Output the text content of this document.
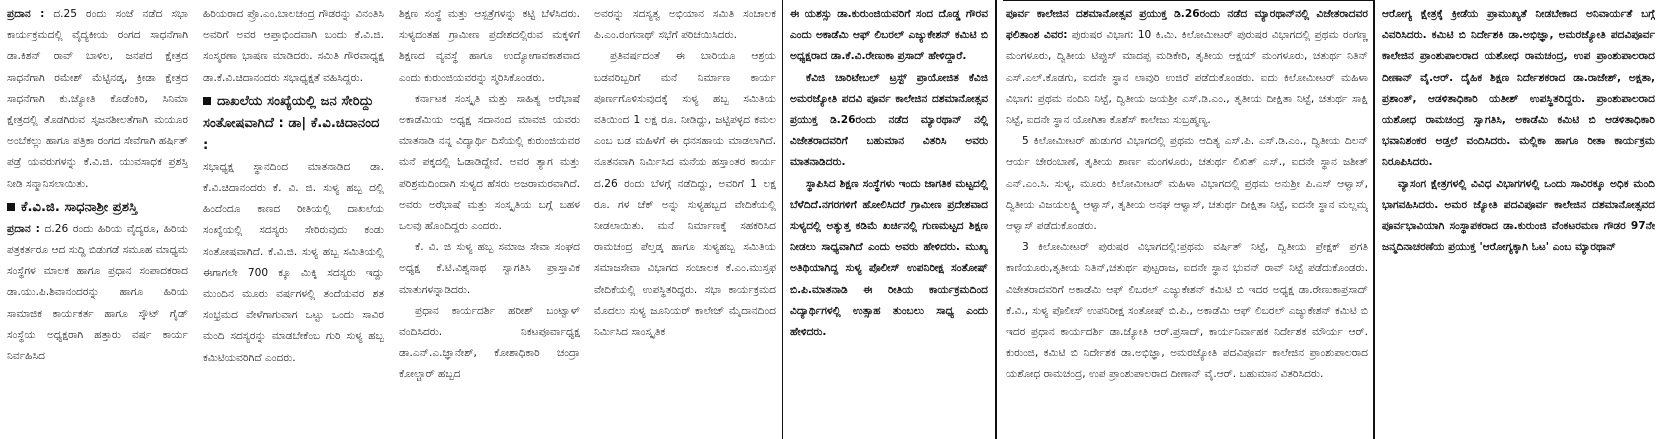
ಪ್ರದಾನ : ದ.25 ರಂದು ಸಂಜೆ ನಡೆದ ಸಭಾ ಕಾರ್ಯಕ್ರಮದಲ್ಲಿ ವೈದ್ಯಕೀಯ ರಂಗದ ಸಾಧನೆಗಾಗಿ ಡಾ.ಕಿಶನ್ ರಾವ್ ಬಾಳಿಲ, ಜನಪದ ಕ್ಷೇತ್ರದ ಸಾಧನೆಗಾಗಿ ರಮೇಶ್ ಮೆಟ್ಟಿನಡ್ಕ, ಕ್ರೀಡಾ ಕ್ಷೇತ್ರದ ಸಾಧನೆಗಾಗಿ ಕು.ಜ್ಯೋತಿ ಕೊಡೆಂಕಿರಿ, ಸಿನಿಮಾ ಕ್ಷೇತ್ರದಲ್ಲಿ ತೊಡಗಿರುವ ಸೃಜನಶೀಲತೆಗಾಗಿ ಮಯೂರ ಅಂಬೆಕಲ್ಲು ಹಾಗೂ ಪತ್ರಿಕಾ ರಂಗದ ಸೇವೆಗಾಗಿ ಹರ್ಷಿತ್ ಪಡ್ರೆ ಯವರುಗಳನ್ನು ಕೆ.ವಿ.ಜಿ. ಯುವಸಾಧಕ ಪ್ರಶಸ್ತಿ ನೀಡಿ ಸನ್ಮಾನಿಸಲಾಯಿತು.

ಕೆ.ವಿ.ಜಿ. ಸಾಧನಾಶ್ರೀ ಪ್ರಶಸ್ತಿ

ಪ್ರದಾನ : ದ.26 ರಂದು ಹಿರಿಯ ವೈದ್ಯರೂ, ಹಿರಿಯ ಪತ್ರಕರ್ತರೂ ಆದ ಸುದ್ದಿ ಬಿಡುಗಡೆ ಸಮೂಹ ಮಾಧ್ಯಮ ಸಂಸ್ಥೆಗಳ ಮಾಲಕ ಹಾಗೂ ಪ್ರಧಾನ ಸಂಪಾದಕರಾದ ಡಾ.ಯು.ಪಿ.ಶಿವಾನಂದರನ್ನು ಹಾಗೂ ಹಿರಿಯ ಸಾಮಾಜಿಕ ಕಾರ್ಯಕರ್ತ ಹಾಗೂ ಸ್ಕೌಟ್ ಗೈಡ್ ಸಂಸ್ಥೆಯ ಅಧ್ಯಕ್ಷರಾಗಿ ಹತ್ತಾರು ವರ್ಷ ಕಾರ್ಯ ನಿರ್ವಹಿಸಿದ

ಹಿರಿಯರಾದ ಪ್ರೊ.ಎಂ.ಬಾಲಚಂದ್ರ ಗೌಡರನ್ನು ವಿನಂತಿಸಿ ಅವರಿಗೆ ಅವರ ಆಪ್ತಾಭಿಂದವಾಗಿ ಬಂದು ಕೆ.ವಿ.ಜಿ. ಸಂಸ್ಮರಣಾ ಭಾಷಣ ಮಾಡಿದರು. ಸಮಿತಿ ಗೌರವಾಧ್ಯಕ್ಷ ಡಾ.ಕೆ.ವಿ.ಚಿದಾನಂದರು ಸಭಾಧ್ಯಕ್ಷತೆ ವಹಿಸಿದ್ದರು.

ದಾಖಲೆಯ ಸಂಖ್ಯೆಯಲ್ಲಿ ಜನ ಸೇರಿದ್ದು ಸಂತೋಷವಾಗಿದೆ : ಡಾ| ಕೆ.ವಿ.ಚಿದಾನಂದ :

ಸಭಾಧ್ಯಕ್ಷ ಸ್ಥಾನದಿಂದ ಮಾತನಾಡಿದ ಡಾ. ಕೆ.ವಿ.ಚಿದಾನಂದರು ಕೆ. ವಿ. ಜಿ. ಸುಳ್ಯ ಹಬ್ಬ ದಲ್ಲಿ ಹಿಂದೆಂದೂ ಕಾಣದ ರೀತಿಯಲ್ಲಿ ದಾಖಲೆಯ ಸಂಖ್ಯೆಯಲ್ಲಿ ಸದಸ್ಯರು ಸೇರಿರುವುದು ಕಂಡು ಸಂತೋಷವಾಗಿದೆ. ಕೆ.ವಿ.ಜಿ. ಸುಳ್ಯ ಹಬ್ಬ ಸಮಿತಿಯಲ್ಲಿ ಈಗಾಗಲೇ 700 ಕ್ಕೂ ಮಿಕ್ಕಿ ಸದಸ್ಯರು ಇದ್ದು ಮುಂದಿನ ಮೂರು ವರ್ಷಗಳಲ್ಲಿ ತಂದೆಯವರ ಶತ ಸಂಭ್ರಮದ ವೇಳೆಗಾಗುವಾಗ ಒಟ್ಟು ಒಂದು ಸಾವಿರ ಮಂದಿ ಸದಸ್ಯರನ್ನು ಮಾಡಬೇಕೆಂಬ ಗುರಿ ಸುಳ್ಯ ಹಬ್ಬ ಕಮಿಟಿಯವರಿಗಿದೆ ಎಂದರು.

ಶಿಕ್ಷಣ ಸಂಸ್ಥೆ ಮತ್ತು ಆಸ್ಪತ್ರೆಗಳನ್ನು ಕಟ್ಟಿ ಬೆಳೆಸಿದರು. ಸುಳ್ಯದಂತಹ ಗ್ರಾಮೀಣ ಪ್ರದೇಶದಲ್ಲಿರುವ ಮಕ್ಕಳಿಗೆ ಶಿಕ್ಷಣದ ವ್ಯವಸ್ಥೆ ಹಾಗೂ ಉದ್ಯೋಗಾವಕಾಶವಾದ ಎಂದು ಕುರುಂಜಿಯವರನ್ನು ಸ್ಮರಿಸಿಕೊಂಡರು.

ಕರ್ನಾಟಕ ಸಂಸ್ಕೃತಿ ಮತ್ತು ಸಾಹಿತ್ಯ ಅರೆಭಾಷೆ ಅಕಾಡೆಮಿಯ ಅಧ್ಯಕ್ಷ ಸದಾನಂದ ಮಾವಜಿ ಯವರು ಮಾತನಾಡಿ ನನ್ನ ವಿದ್ಯಾರ್ಥಿ ದಿಸೆಯಲ್ಲಿ ಕುರುಂಜಿಯವರ ಮನೆ ಪಕ್ಕದಲ್ಲಿ ಓಡಾಡಿದ್ದೇನೆ. ಅವರ ತ್ಯಾಗ ಮತ್ತು ಪರಿಶ್ರಮದಿಂದಾಗಿ ಸುಳ್ಯದ ಹೆಸರು ಅಜರಾಮರವಾಗಿದೆ. ಅವರು ಅರೆಭಾಷೆ ಮತ್ತು ಸಂಸ್ಕೃತಿಯ ಬಗ್ಗೆ ಬಹಳ ಒಲವು ಹೊಂದಿದ್ದರು ಎಂದರು.

ಕೆ. ವಿ. ಜಿ ಸುಳ್ಯ ಹಬ್ಬ ಸಮಾಜ ಸೇವಾ ಸಂಘದ ಅಧ್ಯಕ್ಷ ಕೆ.ಟಿ.ವಿಶ್ವನಾಥ ಸ್ವಾಗತಿಸಿ ಪ್ರಾಸ್ತಾವಿಕ ಮಾತುಗಳನ್ನಾಡಿದರು.

ಪ್ರಧಾನ ಕಾರ್ಯದರ್ಶಿ ಹರೀಶ್ ಬಂಟ್ವಾಳ್ ವಂದಿಸಿದರು. ನಿಕಟಪೂರ್ವಾಧ್ಯಕ್ಷ ಡಾ.ಎನ್.ಎ.ಜ್ಞಾನೇಶ್, ಕೋಶಾಧಿಕಾರಿ ಚಂದ್ರಾ ಕೋಲ್ಚಾರ್ ಹಬ್ಬದ

ಅವರನ್ನು ಸದಸ್ಯತ್ವ ಅಭಿಯಾನ ಸಮಿತಿ ಸಂಚಾಲಕ ಪಿ.ಎಂ.ರಂಗನಾಥ್ ಸಭೆಗೆ ಪರಿಚಯಿಸಿದರು.

ಪ್ರತಿವರ್ಷದಂತೆ ಈ ಬಾರಿಯೂ ಆಶ್ರಯ ಬಡವರಿಬ್ಬರಿಗೆ ಮನೆ ನಿರ್ಮಾಣ ಕಾರ್ಯ ಪೂರ್ಣಗೊಳಿಸುವುದಕ್ಕೆ ಸುಳ್ಯ ಹಬ್ಬ ಸಮಿತಿಯ ವತಿಯಿಂದ 1 ಲಕ್ಷ ರೂ. ನೀಡಿದ್ದು, ಜಟ್ಟಿಪಳ್ಳದ ಕಮಲ ಎಂಬ ಬಡ ಮಹಿಳೆಗೆ ಈ ಧನಸಹಾಯ ಮಾಡಲಾಗಿದೆ. ನೂತನವಾಗಿ ನಿರ್ಮಿಸಿದ ಮನೆಯ ಹಸ್ತಾಂತರ ಕಾರ್ಯ ದ.26 ರಂದು ಬೆಳಗ್ಗೆ ನಡೆದಿದ್ದು, ಅವರಿಗೆ 1 ಲಕ್ಷ ರೂ. ಗಳ ಚೆಕ್ ಅನ್ನು ಸುಳ್ಯಹಬ್ಬದ ವೇದಿಕೆಯಲ್ಲಿ ನೀಡಲಾಯಿತು. ಮನೆ ನಿರ್ಮಾಣಕ್ಕೆ ಸಹಕರಿಸಿದ ರಾಮಚಂದ್ರ ಪೆಲ್ತಡ್ಕ ಹಾಗೂ ಸುಳ್ಯಹಬ್ಬ ಸಮಿತಿಯ ಸಮಾಜಸೇವಾ ವಿಭಾಗದ ಸಂಚಾಲಕ ಕೆ.ಎಂ.ಮುಸ್ತಫ ವೇದಿಕೆಯಲ್ಲಿ ಉಪಸ್ಥಿತರಿದ್ದರು. ಸಭಾ ಕಾರ್ಯಕ್ರಮದ ಮೊದಲು ಸುಳ್ಯ ಜೂನಿಯರ್ ಕಾಲೇಜ್ ಮೈದಾನದಿಂದ ನಿರ್ಮಿಸಿದ ಸಾಂಸ್ಕೃತಿಕ

ಈ ಯಶಸ್ಸು ಡಾ.ಕುರುಂಜಿಯವರಿಗೆ ಸಂದ ದೊಡ್ಡ ಗೌರವ ಎಂದು ಅಕಾಡೆಮಿ ಆಫ್ ಲಿಬರಲ್ ಎಜ್ಯುಕೇಶನ್ ಕಮಿಟಿ ಬಿ ಅಧ್ಯಕ್ಷರಾದ ಡಾ.ಕೆ.ವಿ.ರೇಣುಕಾ ಪ್ರಸಾದ್ ಹೇಳಿದ್ದಾರೆ.

ಕೆವಿಜಿ ಚಾರಿಟೇಬಲ್ ಟ್ರಸ್ಟ್ ಪ್ರಾಯೋಜಿತ ಕೆವಿಜಿ ಅಮರಜ್ಯೋತಿ ಪದವಿ ಪೂರ್ವ ಕಾಲೇಜಿನ ದಶಮಾನೋತ್ಸವ ಪ್ರಯುಕ್ತ ಡಿ.26ರಂದು ನಡೆದ ಮ್ಯಾರಥಾನ್ ನಲ್ಲಿ ವಿಜೇತರಾದವರಿಗೆ ಬಹುಮಾನ ವಿತರಿಸಿ ಅವರು ಮಾತನಾಡಿದರು.

ಸ್ಥಾಪಿಸಿದ ಶಿಕ್ಷಣ ಸಂಸ್ಥೆಗಳು ಇಂದು ಜಾಗತಿಕ ಮಟ್ಟದಲ್ಲಿ ಬೆಳೆದಿದೆ.ನಗರಗಳಿಗೆ ಹೋಲಿಸಿದರೆ ಗ್ರಾಮೀಣ ಪ್ರದೇಶವಾದ ಸುಳ್ಯದಲ್ಲಿ ಅತ್ಯುತ್ತ ಕಡಿಮೆ ಖರ್ಚಿನಲ್ಲಿ ಗುಣಮಟ್ಟದ ಶಿಕ್ಷಣ ನೀಡಲು ಸಾಧ್ಯವಾಗಿದೆ ಎಂದು ಅವರು ಹೇಳಿದರು. ಮುಖ್ಯ ಅತಿಥಿಯಾಗಿದ್ದ ಸುಳ್ಯ ಪೊಲೀಸ್ ಉಪನಿರೀಕ್ಷ ಸಂತೋಷ್ ಬಿ.ಪಿ.ಮಾತನಾಡಿ ಈ ರೀತಿಯ ಕಾರ್ಯಕ್ರಮದಿಂದ ವಿದ್ಯಾರ್ಥಿಗಳಲ್ಲಿ ಉತ್ಸಾಹ ತುಂಬಲು ಸಾಧ್ಯ ಎಂದು ಹೇಳಿದರು.

ಪೂರ್ವ ಕಾಲೇಜಿನ ದಶಮಾನೋತ್ಸವ ಪ್ರಯುಕ್ತ ಡಿ.26ರಂದು ನಡೆದ ಮ್ಯಾರಥಾನ್‌ನಲ್ಲಿ ವಿಜೇತರಾದವರ ಫಲಿತಾಂಶ ವಿವರ: ಪುರುಷರ ವಿಭಾಗ: 10 ಕಿ.ಮಿ. ಕಿಲೋಮೀಟರ್ ಪುರುಷರ ವಿಭಾಗದಲ್ಲಿ ಪ್ರಥಮ ರಂಗಣ್ಣ ಮಂಗಳೂರು, ದ್ವಿತೀಯ ಟಿಪ್ಪುಸ್ ಮಾದಪ್ಪ ಮಡಿಕೇರಿ, ತೃತೀಯ ಆಕ್ಷಯ್ ಮಂಗಳೂರು, ಚತುರ್ಥ ನಿತಿನ್ ಎಸ್.ಎಲ್.ಕೊಡಗು, ಐದನೇ ಸ್ಥಾನ ಲಾವುರಿ ಉಜಿರೆ ಪಡೆದುಕೊಂಡರು. ಐದು ಕಿಲೋಮೀಟರ್ ಮಹಿಳಾ ವಿಭಾಗ: ಪ್ರಥಮ ನಂದಿನಿ ನಿಟ್ಟೆ, ದ್ವಿತೀಯ ಜಯಶ್ರೀ ಎಸ್.ಡಿ.ಎಂ., ತೃತೀಯ ದೀಕ್ಷಿತಾ ನಿಟ್ಟೆ, ಚತುರ್ಥ ಸಾಕ್ಷಿ ನಿಟ್ಟೆ, ಐದನೇ ಸ್ಥಾನ ಯೋಗಿತಾ ಕೊಶೆಸ್ ಕಾಲೇಜು ಸುಬ್ರಹ್ಮಣ್ಯ.

5 ಕಿಲೋಮೀಟರ್ ಹುಡುಗರ ವಿಭಾಗದಲ್ಲಿ ಪ್ರಥಮ ಆದಿತ್ಯ ಎಸ್.ಪಿ. ಎಸ್.ಡಿ.ಎಂ., ದ್ವಿತೀಯ ದಿಲನ್ ಆರ್ಯ ಚೇರಂಬಾಣೆ, ತೃತೀಯ ಶಾರ್ಣ ಮಂಗಳೂರು, ಚತುರ್ಥ ಲಿಖಿತ್ ಎಸ್., ಐದನೇ ಸ್ಥಾನ ಜಶೀತ್ ಎನ್.ಎಂ.ಸಿ. ಸುಳ್ಯ, ಮೂರು ಕಿಲೋಮೀಟರ್ ಮಹಿಳಾ ವಿಭಾಗದಲ್ಲಿ ಪ್ರಥಮ ಅನುಶ್ರೀ ಪಿ.ಎಸ್ ಆಳ್ವಾಸ್, ದ್ವಿತೀಯ ವಿಜಯಲಕ್ಷ್ಮಿ ಆಳ್ವಾಸ್, ತೃತೀಯ ಅನಘ ಆಳ್ವಾಸ್, ಚತುರ್ಥ ದೀಕ್ಷಿತಾ ನಿಟ್ಟೆ, ಐದನೇ ಸ್ಥಾನ ಮಲ್ಲಮ್ಮ ಆಳ್ವಾಸ್ ಪಡೆದುಕೊಂಡರು.

3 ಕಿಲೋಮೀಟರ್ ಪುರುಷರ ವಿಭಾಗದಲ್ಲಿ:ಪ್ರಥಮ ವರ್ಷಿತ್ ನಿಟ್ಟೆ, ದ್ವಿತೀಯ ಪ್ರೇಕ್ಷಕ್ ಪ್ರಗತಿ ಕಾಣಿಯೂರು,ತೃತೀಯ ನಿತಿನ್,ಚತುರ್ಥ ಪುಟ್ಟರಾಜ, ಐದನೇ ಸ್ಥಾನ ಭುವನ್ ರಾವ್ ನಿಟ್ಟೆ ಪಡೆದುಕೊಂಡರು. ವಿಜೇತರಾದವರಿಗೆ ಅಕಾಡೆಮಿ ಆಫ್ ಲಿಬರಲ್ ಎಜ್ಯುಕೇಶನ್ ಕಮಿಟಿ ಬಿ ಇದರ ಅಧ್ಯಕ್ಷ ಡಾ.ರೇಣುಕಾಪ್ರಸಾದ್ ಕೆ.ವಿ., ಸುಳ್ಯ ಪೊಲೀಸ್ ಉಪನಿರೀಕ್ಷ ಸಂತೋಷ್ ಬಿ.ಪಿ., ಅಕಾಡೆಮಿ ಆಫ್ ಲಿಬರಲ್ ಎಜ್ಯುಕೇಶನ್ ಕಮಿಟಿ ಬಿ ಇದರ ಪ್ರಧಾನ ಕಾರ್ಯದರ್ಶಿ ಡಾ.ಜ್ಯೋತಿ ಆರ್.ಪ್ರಸಾದ್, ಕಾರ್ಯನಿರ್ವಾಹಕ ನಿರ್ದೇಶಕ ಮೌರ್ಯ ಆರ್. ಕುರುಂಜಿ, ಕಮಿಟಿ ಬಿ ನಿರ್ದೇಶಕ ಡಾ.ಅಭಿಜ್ಞಾ, ಅಮರಜ್ಯೋತಿ ಪದವಿಪೂರ್ವ ಕಾಲೇಜಿನ ಪ್ರಾಂಶುಪಾಲರಾದ ಯಶೋಧ ರಾಮಚಂದ್ರ, ಉಪ ಪ್ರಾಂಶುಪಾಲರಾದ ದೀಣಾನ್ ವೈ.ಆರ್. ಬಹುಮಾನ ವಿತರಿಸಿದರು.

ಆರೋಗ್ಯ ಕ್ಷೇತ್ರಕ್ಕೆ ಕ್ರೀಡೆಯ ಪ್ರಾಮುಖ್ಯತೆ ನೀಡಬೇಕಾದ ಅನಿವಾರ್ಯತೆ ಬಗ್ಗೆ ವಿವರಿಸಿದರು. ಕಮಿಟಿ ಬಿ ನಿರ್ದೇಶಕಿ ಡಾ.ಅಭಿಜ್ಞಾ, ಅಮರಜ್ಯೋತಿ ಪದವಿಪೂರ್ವ ಕಾಲೇಜಿನ ಪ್ರಾಂಶುಪಾಲರಾದ ಯಶೋಧ ರಾಮಚಂದ್ರ, ಉಪ ಪ್ರಾಂಶುಪಾಲರಾದ ದೀಣಾನ್ ವೈ.ಆರ್. ದೈಹಿಕ ಶಿಕ್ಷಣ ನಿರ್ದೇಶಕರಾದ ಡಾ.ರಾಜೇಶ್, ಅಕ್ಷತಾ, ಪ್ರಶಾಂತ್, ಆಡಳಿತಾಧಿಕಾರಿ ಯತೀಶ್ ಉಪಸ್ಥಿತರಿದ್ದರು. ಪ್ರಾಂಶುಪಾಲರಾದ ಯಶೋಧ ರಾಮಚಂದ್ರ ಸ್ವಾಗತಿಸಿ, ಅಕಾಡೆಮಿ ಕಮಿಟಿ ಬಿ ಆಡಳಿತಾಧಿಕಾರಿ ಭವಾನಿಶಂಕರ ಅಡ್ತಲೆ ವಂದಿಸಿದರು. ಮಲ್ಲಿಕಾ ಹಾಗೂ ರೀತಾ ಕಾರ್ಯಕ್ರಮ ನಿರೂಪಿಸಿದರು.

ವ್ಯಾಸಂಗ ಕ್ಷೇತ್ರಗಳಲ್ಲಿ ವಿವಿಧ ವಿಭಾಗಗಳಲ್ಲಿ ಒಂದು ಸಾವಿರಕ್ಕೂ ಅಧಿಕ ಮಂದಿ ಭಾಗವಹಿಸಿದರು. ಅಮರ ಜ್ಯೋತಿ ಪದವಿಪೂರ್ವ ಕಾಲೇಜಿನ ದಶಮಾನೋತ್ಸವದ ಪೂರ್ವಭಾವಿಯಾಗಿ ಸಂಸ್ಥಾಪಕರಾದ ಡಾ.ಕುರುಂಜಿ ವೆಂಕಟರಮಣ ಗೌಡರ 97ನೇ ಜನ್ಮದಿನಾಚರಣೆಯ ಪ್ರಯುಕ್ತ 'ಆರೋಗ್ಯಕ್ಕಾಗಿ ಓಟ' ಎಂಬ ಮ್ಯಾರಥಾನ್
